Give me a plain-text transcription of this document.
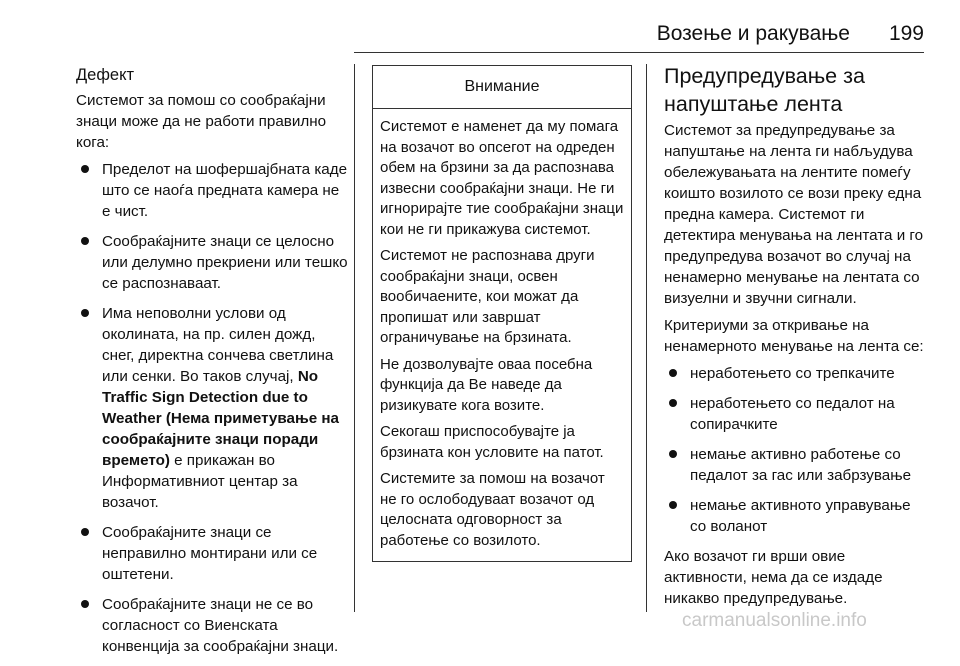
Возење и ракување 199
Дефект

Системот за помош со сообраќајни знаци може да не работи правилно кога:

Пределот на шофершајбната каде што се наоѓа предната камера не е чист.
Сообраќајните знаци се целосно или делумно прекриени или тешко се распознаваат.
Има неповолни услови од околината, на пр. силен дожд, снег, директна сончева светлина или сенки. Во таков случај, No Traffic Sign Detection due to Weather (Нема приметување на сообраќајните знаци поради времето) е прикажан во Информативниот центар за возачот.
Сообраќајните знаци се неправилно монтирани или се оштетени.
Сообраќајните знаци не се во согласност со Виенската конвенција за сообраќајни знаци.
Внимание

Системот е наменет да му помага на возачот во опсегот на одреден обем на брзини за да распознава извесни сообраќајни знаци. Не ги игнорирајте тие сообраќајни знаци кои не ги прикажува системот.

Системот не распознава други сообраќајни знаци, освен вообичаените, кои можат да пропишат или завршат ограничување на брзината.

Не дозволувајте оваа посебна функција да Ве наведе да ризикувате кога возите.

Секогаш приспособувајте ја брзината кон условите на патот.

Системите за помош на возачот не го ослободуваат возачот од целосната одговорност за работење со возилото.

Предупредување за напуштање лента

Системот за предупредување за напуштање на лента ги набљудува обележувањата на лентите помеѓу коишто возилото се вози преку една предна камера. Системот ги детектира менувања на лентата и го предупредува возачот во случај на ненамерно менување на лентата со визуелни и звучни сигнали.

Критериуми за откривање на ненамерното менување на лента се:

неработењето со трепкачите
неработењето со педалот на сопирачките
немање активно работење со педалот за гас или забрзување
немање активното управување со воланот

Ако возачот ги врши овие активности, нема да се издаде никакво предупредување.

carmanualsonline.info
